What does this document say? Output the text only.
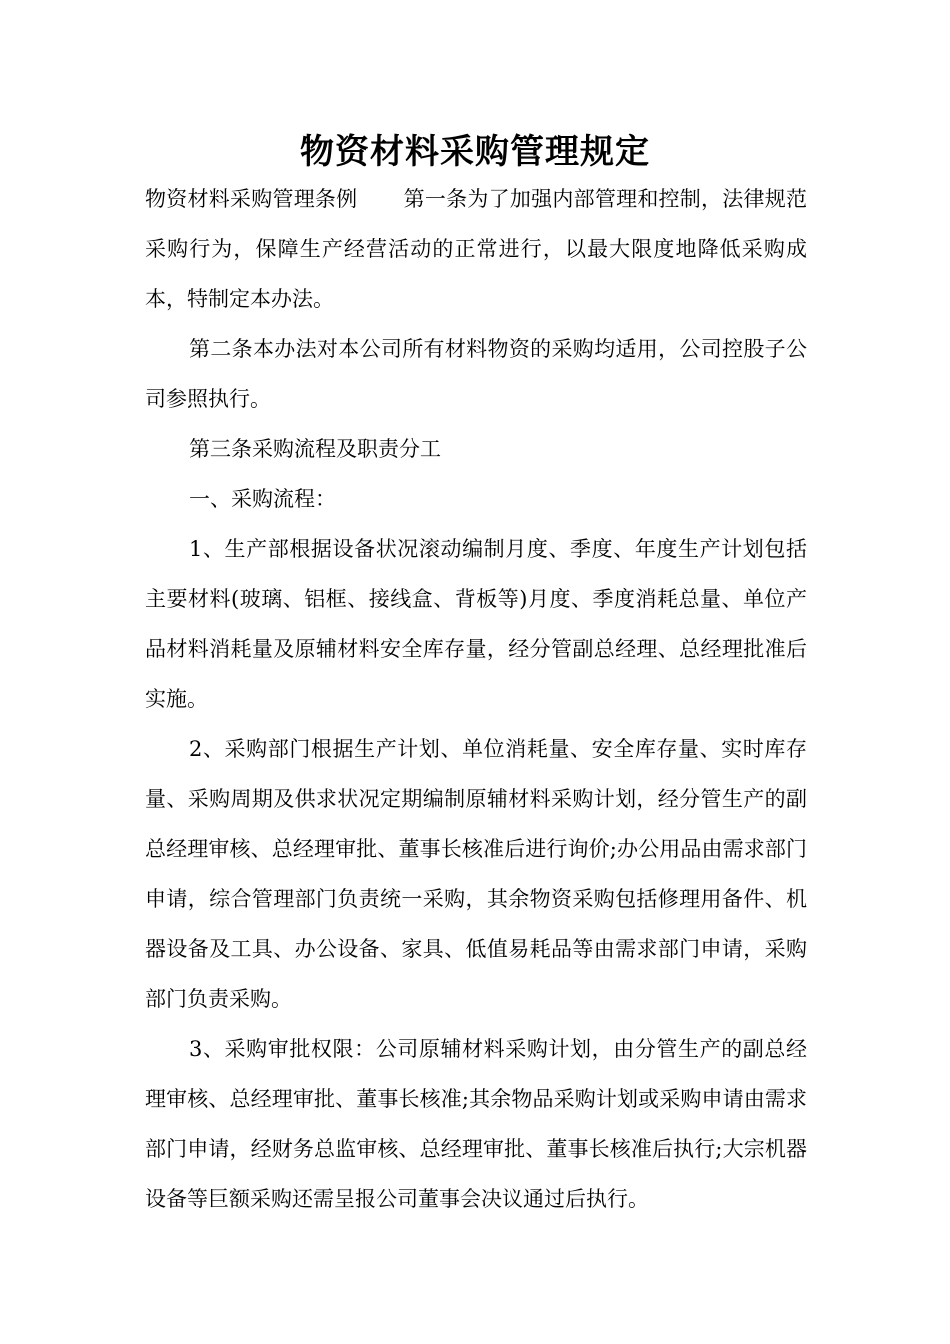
物资材料采购管理规定

物资材料采购管理条例 第一条为了加强内部管理和控制，法律规范采购行为，保障生产经营活动的正常进行，以最大限度地降低采购成本，特制定本办法。

第二条本办法对本公司所有材料物资的采购均适用，公司控股子公司参照执行。

第三条采购流程及职责分工

一、采购流程：

1、生产部根据设备状况滚动编制月度、季度、年度生产计划包括主要材料(玻璃、铝框、接线盒、背板等)月度、季度消耗总量、单位产品材料消耗量及原辅材料安全库存量，经分管副总经理、总经理批准后实施。

2、采购部门根据生产计划、单位消耗量、安全库存量、实时库存量、采购周期及供求状况定期编制原辅材料采购计划，经分管生产的副总经理审核、总经理审批、董事长核准后进行询价;办公用品由需求部门申请，综合管理部门负责统一采购，其余物资采购包括修理用备件、机器设备及工具、办公设备、家具、低值易耗品等由需求部门申请，采购部门负责采购。

3、采购审批权限：公司原辅材料采购计划，由分管生产的副总经理审核、总经理审批、董事长核准;其余物品采购计划或采购申请由需求部门申请，经财务总监审核、总经理审批、董事长核准后执行;大宗机器设备等巨额采购还需呈报公司董事会决议通过后执行。
